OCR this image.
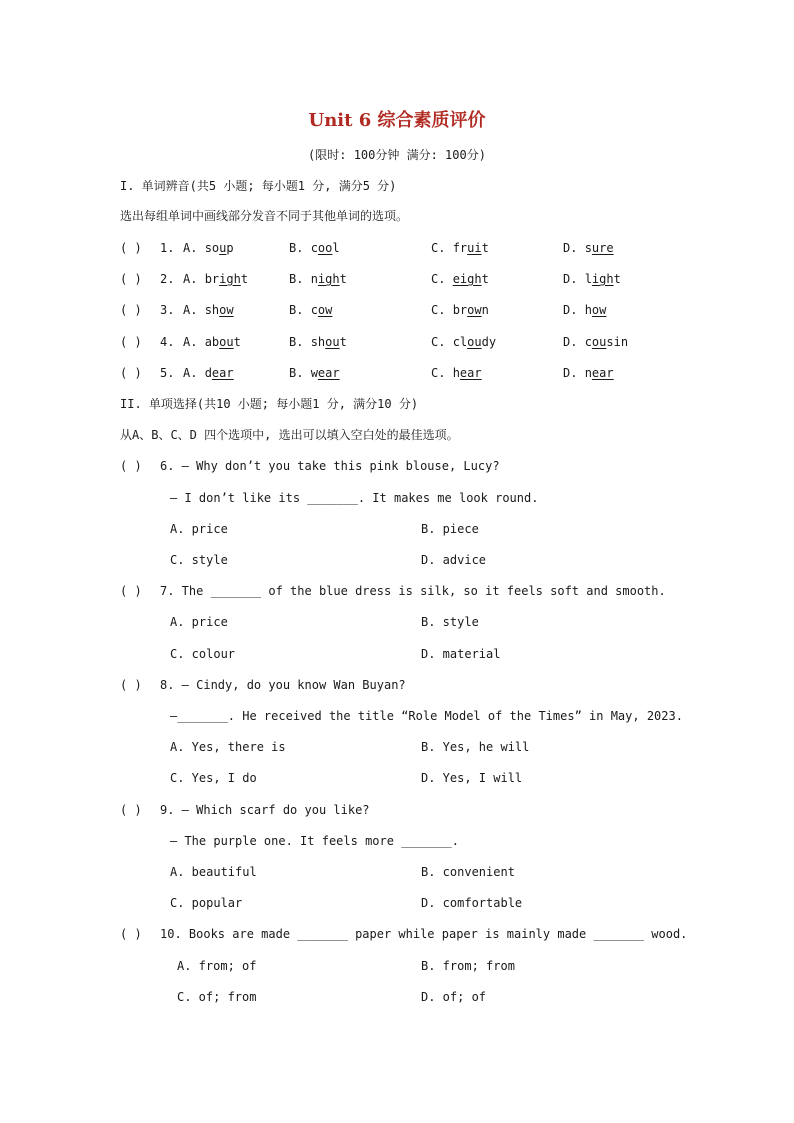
Unit 6 综合素质评价
(限时: 100分钟 满分: 100分)
I. 单词辨音(共5 小题; 每小题1 分, 满分5 分)
选出每组单词中画线部分发音不同于其他单词的选项。
( ) 1. A. soup	B. cool	C. fruit	D. sure
( ) 2. A. bright	B. night	C. eight	D. light
( ) 3. A. show	B. cow	C. brown	D. how
( ) 4. A. about	B. shout	C. cloudy	D. cousin
( ) 5. A. dear	B. wear	C. hear	D. near
II. 单项选择(共10 小题; 每小题1 分, 满分10 分)
从A、B、C、D 四个选项中, 选出可以填入空白处的最佳选项。
( ) 6. — Why don’t you take this pink blouse, Lucy?
— I don’t like its _______. It makes me look round.
A. price	B. piece
C. style	D. advice
( ) 7. The _______ of the blue dress is silk, so it feels soft and smooth.
A. price	B. style
C. colour	D. material
( ) 8. — Cindy, do you know Wan Buyan?
—_______. He received the title “Role Model of the Times” in May, 2023.
A. Yes, there is	B. Yes, he will
C. Yes, I do	D. Yes, I will
( ) 9. — Which scarf do you like?
— The purple one. It feels more _______.
A. beautiful	B. convenient
C. popular	D. comfortable
( ) 10. Books are made _______ paper while paper is mainly made _______ wood.
A. from; of	B. from; from
C. of; from	D. of; of
